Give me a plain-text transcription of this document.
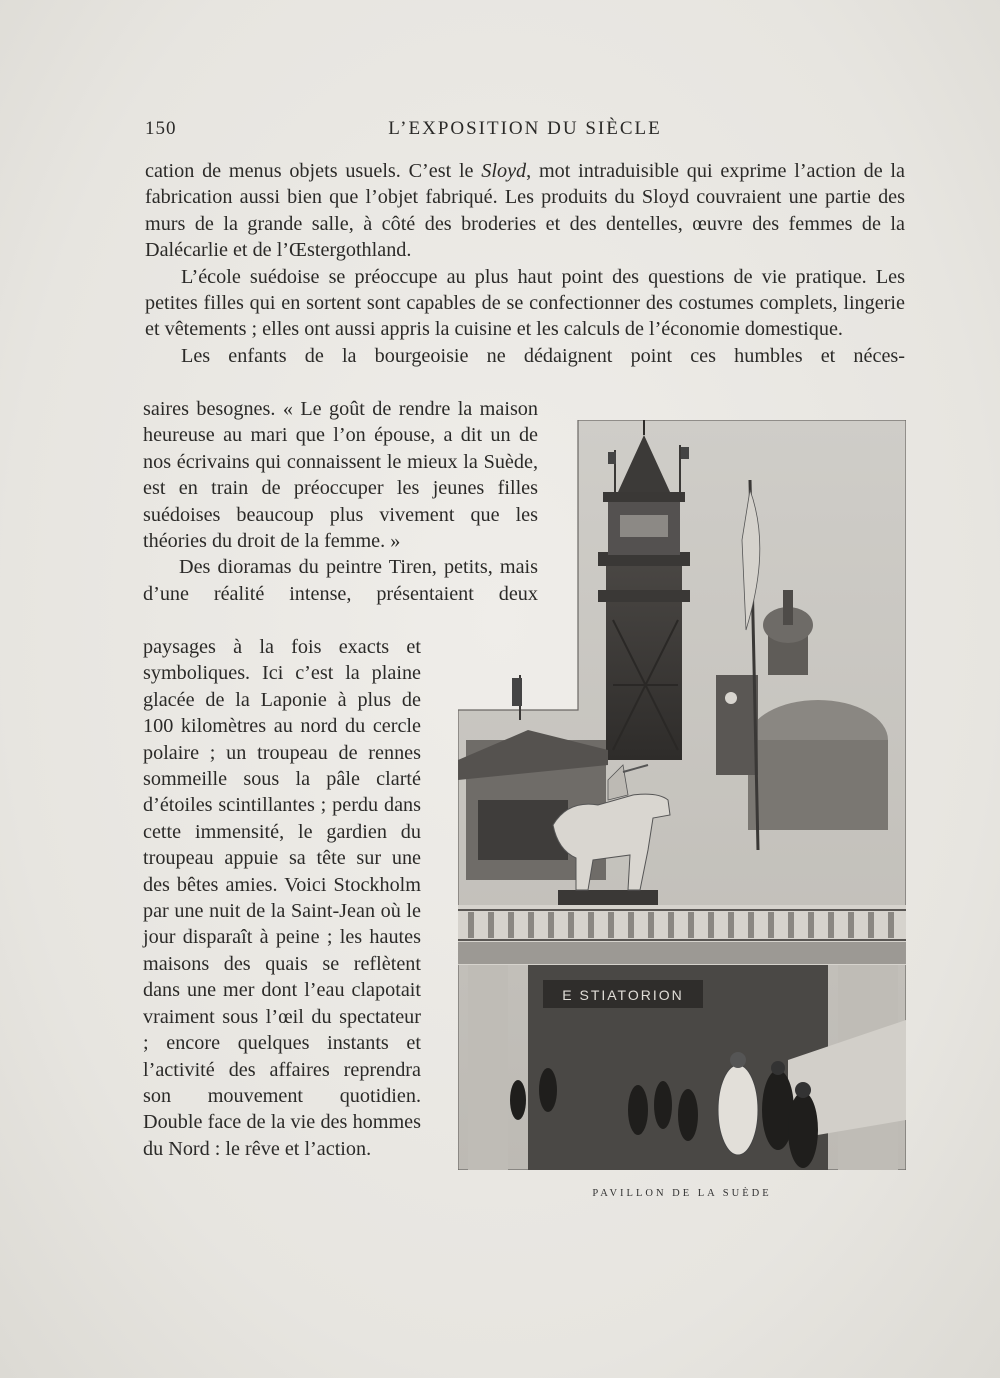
150	L’EXPOSITION DU SIÈCLE

cation de menus objets usuels. C’est le Sloyd, mot intraduisible qui exprime l’action de la fabrication aussi bien que l’objet fabriqué. Les produits du Sloyd couvraient une partie des murs de la grande salle, à côté des broderies et des dentelles, œuvre des femmes de la Dalécarlie et de l’Œstergothland.

L’école suédoise se préoccupe au plus haut point des questions de vie pratique. Les petites filles qui en sortent sont capables de se confectionner des costumes complets, lingerie et vêtements ; elles ont aussi appris la cuisine et les calculs de l’économie domestique.

Les enfants de la bourgeoisie ne dédaignent point ces humbles et néces-

saires besognes. « Le goût de rendre la maison heureuse au mari que l’on épouse, a dit un de nos écrivains qui connaissent le mieux la Suède, est en train de préoccuper les jeunes filles suédoises beaucoup plus vivement que les théories du droit de la femme. »

Des dioramas du peintre Tiren, petits, mais d’une réalité intense, présentaient deux

paysages à la fois exacts et symboliques. Ici c’est la plaine glacée de la Laponie à plus de 100 kilomètres au nord du cercle polaire ; un troupeau de rennes sommeille sous la pâle clarté d’étoiles scintillantes ; perdu dans cette immensité, le gardien du troupeau appuie sa tête sur une des bêtes amies. Voici Stockholm par une nuit de la Saint-Jean où le jour disparaît à peine ; les hautes maisons des quais se reflètent dans une mer dont l’eau clapotait vraiment sous l’œil du spectateur ; encore quelques instants et l’activité des affaires reprendra son mouvement quotidien. Double face de la vie des hommes du Nord : le rêve et l’action.

E STIATORION
PAVILLON DE LA SUÈDE
